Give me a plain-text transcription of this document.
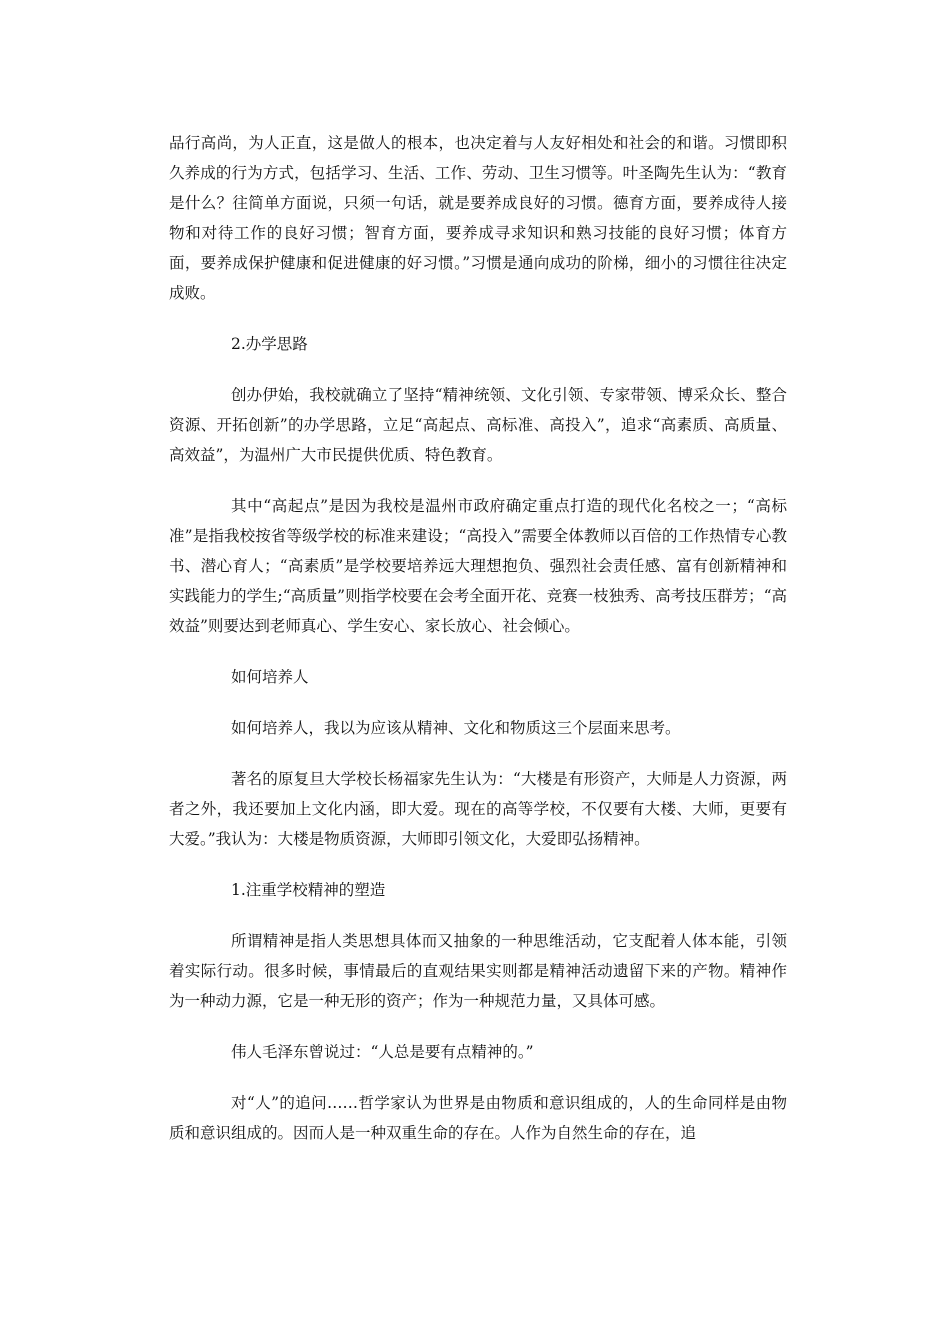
品行高尚，为人正直，这是做人的根本，也决定着与人友好相处和社会的和谐。习惯即积久养成的行为方式，包括学习、生活、工作、劳动、卫生习惯等。叶圣陶先生认为：“教育是什么？往简单方面说，只须一句话，就是要养成良好的习惯。德育方面，要养成待人接物和对待工作的良好习惯；智育方面，要养成寻求知识和熟习技能的良好习惯；体育方面，要养成保护健康和促进健康的好习惯。”习惯是通向成功的阶梯，细小的习惯往往决定成败。

2.办学思路

创办伊始，我校就确立了坚持“精神统领、文化引领、专家带领、博采众长、整合资源、开拓创新”的办学思路，立足“高起点、高标准、高投入”，追求“高素质、高质量、高效益”，为温州广大市民提供优质、特色教育。

其中“高起点”是因为我校是温州市政府确定重点打造的现代化名校之一；“高标准”是指我校按省等级学校的标准来建设；“高投入”需要全体教师以百倍的工作热情专心教书、潜心育人；“高素质”是学校要培养远大理想抱负、强烈社会责任感、富有创新精神和实践能力的学生;“高质量”则指学校要在会考全面开花、竞赛一枝独秀、高考技压群芳；“高效益”则要达到老师真心、学生安心、家长放心、社会倾心。

如何培养人

如何培养人，我以为应该从精神、文化和物质这三个层面来思考。

著名的原复旦大学校长杨福家先生认为：“大楼是有形资产，大师是人力资源，两者之外，我还要加上文化内涵，即大爱。现在的高等学校，不仅要有大楼、大师，更要有大爱。”我认为：大楼是物质资源，大师即引领文化，大爱即弘扬精神。

1.注重学校精神的塑造

所谓精神是指人类思想具体而又抽象的一种思维活动，它支配着人体本能，引领着实际行动。很多时候，事情最后的直观结果实则都是精神活动遗留下来的产物。精神作为一种动力源，它是一种无形的资产；作为一种规范力量，又具体可感。

伟人毛泽东曾说过：“人总是要有点精神的。”

对“人”的追问……哲学家认为世界是由物质和意识组成的，人的生命同样是由物质和意识组成的。因而人是一种双重生命的存在。人作为自然生命的存在，追
